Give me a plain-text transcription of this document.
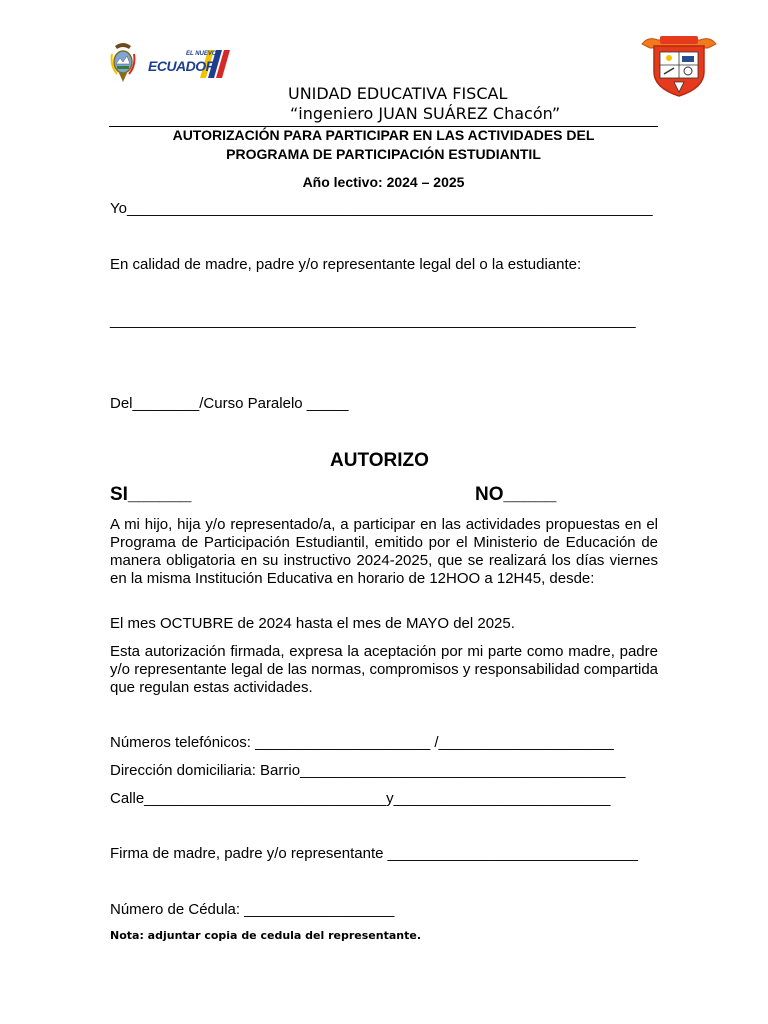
EL NUEVO
ECUADOR
UNIDAD EDUCATIVA FISCAL
“ingeniero JUAN SUÁREZ Chacón”
AUTORIZACIÓN PARA PARTICIPAR EN LAS ACTIVIDADES DEL
PROGRAMA DE PARTICIPACIÓN ESTUDIANTIL
Año lectivo: 2024 – 2025
Yo_______________________________________________________________
En calidad de madre, padre y/o representante legal del o la estudiante:
_______________________________________________________________
Del________/Curso Paralelo _____
AUTORIZO
SI______	NO_____
A mi hijo, hija y/o representado/a, a participar en las actividades propuestas en el Programa de Participación Estudiantil, emitido por el Ministerio de Educación de manera obligatoria en su instructivo 2024-2025, que se realizará los días viernes en la misma Institución Educativa en horario de 12HOO a 12H45, desde:
El mes OCTUBRE de 2024 hasta el mes de MAYO del 2025.
Esta autorización firmada, expresa la aceptación por mi parte como madre, padre y/o representante legal de las normas, compromisos y responsabilidad compartida que regulan estas actividades.
Números telefónicos: _____________________ /_____________________
Dirección domiciliaria: Barrio_______________________________________
Calle_____________________________y__________________________
Firma de madre, padre y/o representante ______________________________
Número de Cédula: __________________
Nota: adjuntar copia de cedula del representante.
